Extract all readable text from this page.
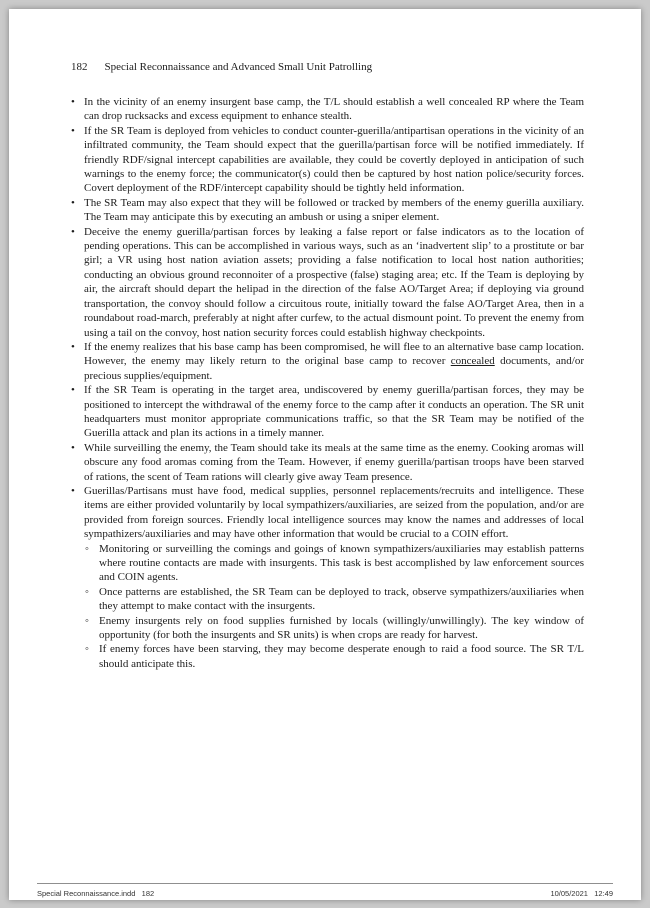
182 Special Reconnaissance and Advanced Small Unit Patrolling
• In the vicinity of an enemy insurgent base camp, the T/L should establish a well concealed RP where the Team can drop rucksacks and excess equipment to enhance stealth.
• If the SR Team is deployed from vehicles to conduct counter-guerilla/antipartisan operations in the vicinity of an infiltrated community, the Team should expect that the guerilla/partisan force will be notified immediately. If friendly RDF/signal intercept capabilities are available, they could be covertly deployed in anticipation of such warnings to the enemy force; the communicator(s) could then be captured by host nation police/security forces. Covert deployment of the RDF/intercept capability should be tightly held information.
• The SR Team may also expect that they will be followed or tracked by members of the enemy guerilla auxiliary. The Team may anticipate this by executing an ambush or using a sniper element.
• Deceive the enemy guerilla/partisan forces by leaking a false report or false indicators as to the location of pending operations. This can be accomplished in various ways, such as an ‘inadvertent slip’ to a prostitute or bar girl; a VR using host nation aviation assets; providing a false notification to local host nation authorities; conducting an obvious ground reconnoiter of a prospective (false) staging area; etc. If the Team is deploying by air, the aircraft should depart the helipad in the direction of the false AO/Target Area; if deploying via ground transportation, the convoy should follow a circuitous route, initially toward the false AO/Target Area, then in a roundabout road-march, preferably at night after curfew, to the actual dismount point. To prevent the enemy from using a tail on the convoy, host nation security forces could establish highway checkpoints.
• If the enemy realizes that his base camp has been compromised, he will flee to an alternative base camp location. However, the enemy may likely return to the original base camp to recover concealed documents, and/or precious supplies/equipment.
• If the SR Team is operating in the target area, undiscovered by enemy guerilla/partisan forces, they may be positioned to intercept the withdrawal of the enemy force to the camp after it conducts an operation. The SR unit headquarters must monitor appropriate communications traffic, so that the SR Team may be notified of the Guerilla attack and plan its actions in a timely manner.
• While surveilling the enemy, the Team should take its meals at the same time as the enemy. Cooking aromas will obscure any food aromas coming from the Team. However, if enemy guerilla/partisan troops have been starved of rations, the scent of Team rations will clearly give away Team presence.
• Guerillas/Partisans must have food, medical supplies, personnel replacements/recruits and intelligence. These items are either provided voluntarily by local sympathizers/auxiliaries, are seized from the population, and/or are provided from foreign sources. Friendly local intelligence sources may know the names and addresses of local sympathizers/auxiliaries and may have other information that would be crucial to a COIN effort.
◦ Monitoring or surveilling the comings and goings of known sympathizers/auxiliaries may establish patterns where routine contacts are made with insurgents. This task is best accomplished by law enforcement sources and COIN agents.
◦ Once patterns are established, the SR Team can be deployed to track, observe sympathizers/auxiliaries when they attempt to make contact with the insurgents.
◦ Enemy insurgents rely on food supplies furnished by locals (willingly/unwillingly). The key window of opportunity (for both the insurgents and SR units) is when crops are ready for harvest.
◦ If enemy forces have been starving, they may become desperate enough to raid a food source. The SR T/L should anticipate this.
Special Reconnaissance.indd   182	10/05/2021   12:49
